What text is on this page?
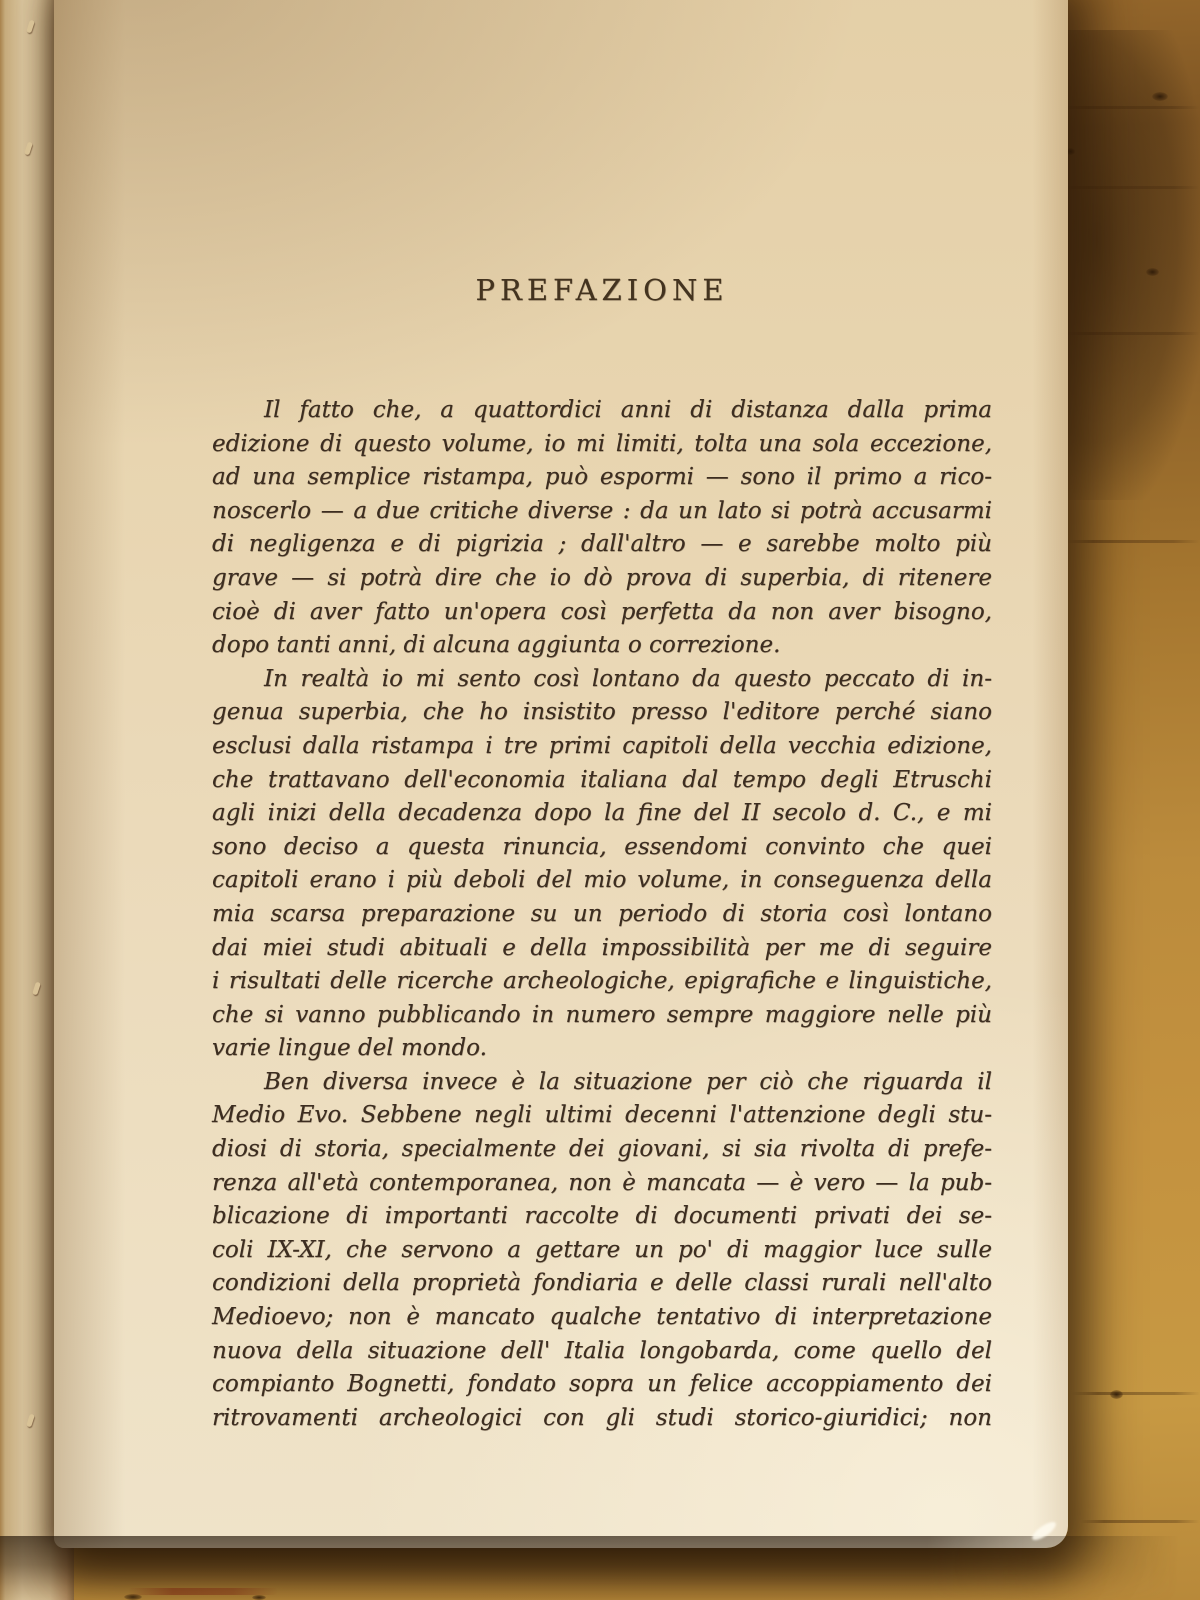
PREFAZIONE
Il fatto che, a quattordici anni di distanza dalla prima
edizione di questo volume, io mi limiti, tolta una sola eccezione,
ad una semplice ristampa, può espormi — sono il primo a rico-
noscerlo — a due critiche diverse : da un lato si potrà accusarmi
di negligenza e di pigrizia ; dall'altro — e sarebbe molto più
grave — si potrà dire che io dò prova di superbia, di ritenere
cioè di aver fatto un'opera così perfetta da non aver bisogno,
dopo tanti anni, di alcuna aggiunta o correzione.
In realtà io mi sento così lontano da questo peccato di in-
genua superbia, che ho insistito presso l'editore perché siano
esclusi dalla ristampa i tre primi capitoli della vecchia edizione,
che trattavano dell'economia italiana dal tempo degli Etruschi
agli inizi della decadenza dopo la fine del II secolo d. C., e mi
sono deciso a questa rinuncia, essendomi convinto che quei
capitoli erano i più deboli del mio volume, in conseguenza della
mia scarsa preparazione su un periodo di storia così lontano
dai miei studi abituali e della impossibilità per me di seguire
i risultati delle ricerche archeologiche, epigrafiche e linguistiche,
che si vanno pubblicando in numero sempre maggiore nelle più
varie lingue del mondo.
Ben diversa invece è la situazione per ciò che riguarda il
Medio Evo. Sebbene negli ultimi decenni l'attenzione degli stu-
diosi di storia, specialmente dei giovani, si sia rivolta di prefe-
renza all'età contemporanea, non è mancata — è vero — la pub-
blicazione di importanti raccolte di documenti privati dei se-
coli IX-XI, che servono a gettare un po' di maggior luce sulle
condizioni della proprietà fondiaria e delle classi rurali nell'alto
Medioevo; non è mancato qualche tentativo di interpretazione
nuova della situazione dell' Italia longobarda, come quello del
compianto Bognetti, fondato sopra un felice accoppiamento dei
ritrovamenti archeologici con gli studi storico-giuridici; non
